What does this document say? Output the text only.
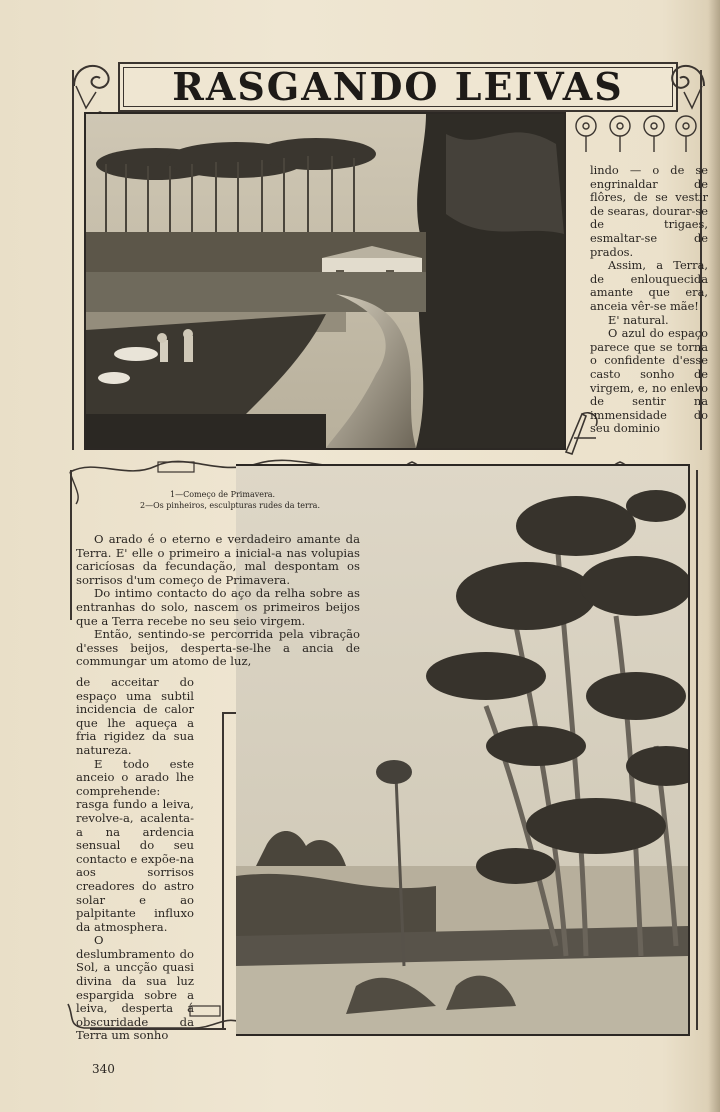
RASGANDO LEIVAS
1—Começo de Primavera.
2—Os pinheiros, esculpturas rudes da terra.

lindo — o de se engrinaldar de flôres, de se vestir de searas, dourar-se de trigaes, esmaltar-se de prados.

Assim, a Terra, de enlouquecida amante que era, anceia vêr-se mãe!

E' natural.

O azul do espaço parece que se torna o confidente d'esse casto sonho de virgem, e, no enlevo de sentir na immensidade do seu dominio

O arado é o eterno e verdadeiro amante da Terra. E' elle o primeiro a inicial-a nas volupias caricíosas da fecundação, mal despontam os sorrisos d'um começo de Primavera.

Do intimo contacto do aço da relha sobre as entranhas do solo, nascem os primeiros beijos que a Terra recebe no seu seio virgem.

Então, sentindo-se percorrida pela vibração d'esses beijos, desperta-se-lhe a ancia de commungar um atomo de luz,

de acceitar do espaço uma subtil incidencia de calor que lhe aqueça a fria rigidez da sua natureza.

E todo este anceio o arado lhe comprehende: rasga fundo a leiva, revolve-a, acalenta-a na ardencia sensual do seu contacto e expõe-na aos sorrisos creadores do astro solar e ao palpitante influxo da atmosphera.

O deslumbramento do Sol, a uncção quasi divina da sua luz espargida sobre a leiva, desperta á obscuridade da Terra um sonho

340
